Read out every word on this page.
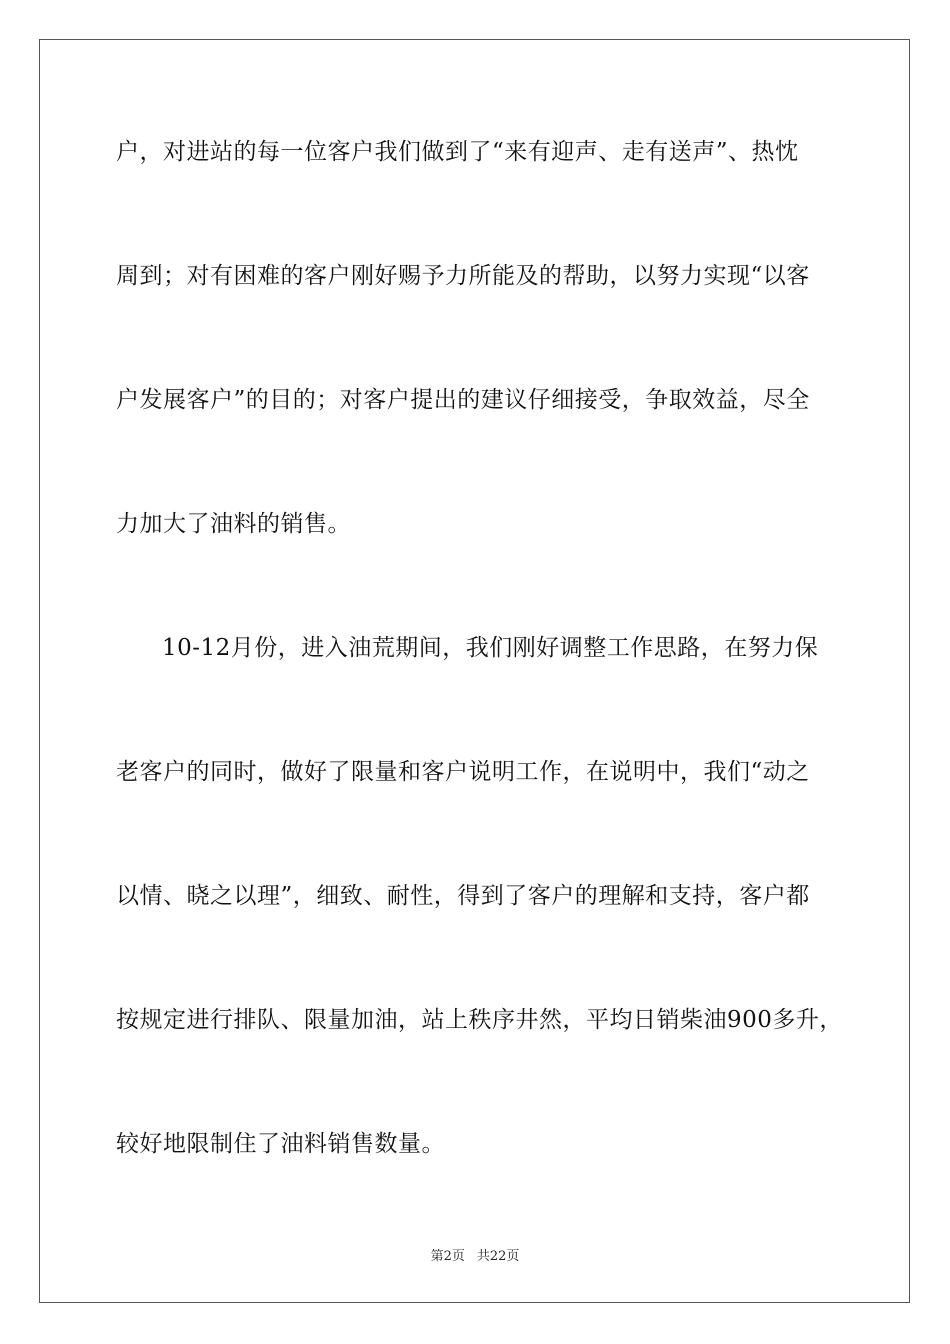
户，对进站的每一位客户我们做到了“来有迎声、走有送声”、热忱
周到；对有困难的客户刚好赐予力所能及的帮助，以努力实现“以客
户发展客户”的目的；对客户提出的建议仔细接受，争取效益，尽全
力加大了油料的销售。
10-12月份，进入油荒期间，我们刚好调整工作思路，在努力保
老客户的同时，做好了限量和客户说明工作，在说明中，我们“动之
以情、晓之以理”，细致、耐性，得到了客户的理解和支持，客户都
按规定进行排队、限量加油，站上秩序井然，平均日销柴油900多升，
较好地限制住了油料销售数量。
第2页 共22页
